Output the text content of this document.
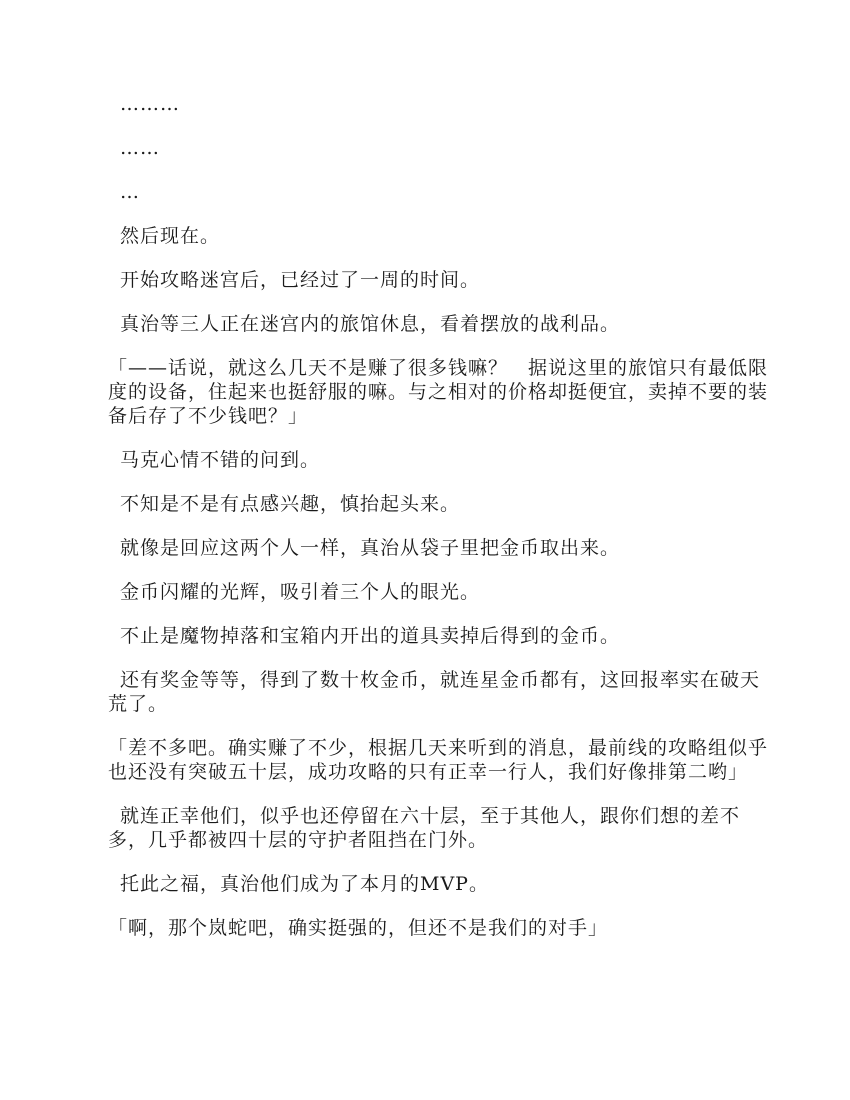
………

……

…

然后现在。

开始攻略迷宫后，已经过了一周的时间。

真治等三人正在迷宫内的旅馆休息，看着摆放的战利品。

「——话说，就这么几天不是赚了很多钱嘛？　据说这里的旅馆只有最低限度的设备，住起来也挺舒服的嘛。与之相对的价格却挺便宜，卖掉不要的装备后存了不少钱吧？」

马克心情不错的问到。

不知是不是有点感兴趣，慎抬起头来。

就像是回应这两个人一样，真治从袋子里把金币取出来。

金币闪耀的光辉，吸引着三个人的眼光。

不止是魔物掉落和宝箱内开出的道具卖掉后得到的金币。

还有奖金等等，得到了数十枚金币，就连星金币都有，这回报率实在破天荒了。

「差不多吧。确实赚了不少，根据几天来听到的消息，最前线的攻略组似乎也还没有突破五十层，成功攻略的只有正幸一行人，我们好像排第二哟」

就连正幸他们，似乎也还停留在六十层，至于其他人，跟你们想的差不多，几乎都被四十层的守护者阻挡在门外。

托此之福，真治他们成为了本月的MVP。

「啊，那个岚蛇吧，确实挺强的，但还不是我们的对手」
